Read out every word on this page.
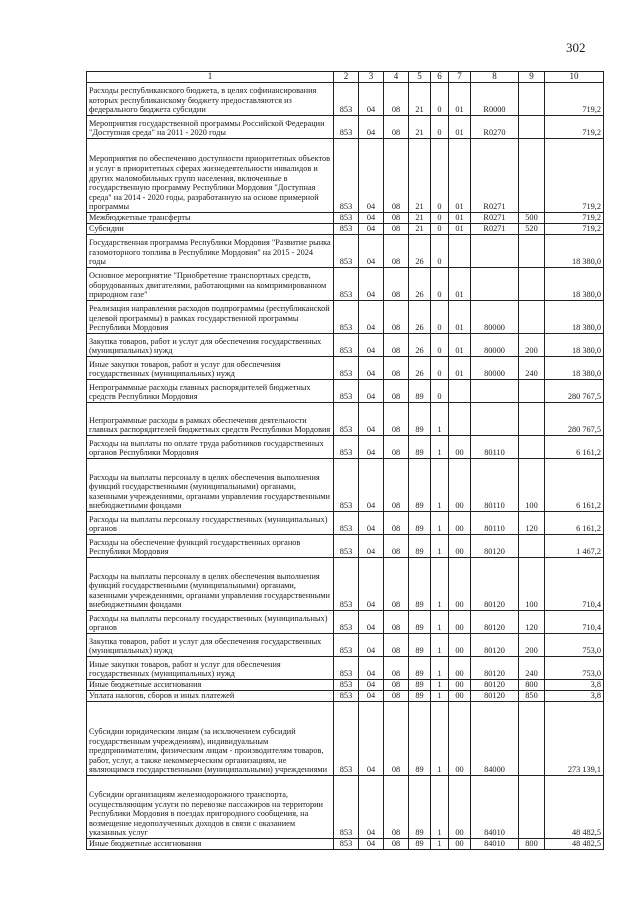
302
1	2	3	4	5	6	7	8	9	10
Расходы республиканского бюджета, в целях софинансирования которых республиканскому бюджету предоставляются из федерального бюджета субсидии	853	04	08	21	0	01	R0000		719,2
Мероприятия государственной программы Российской Федерации "Доступная среда" на 2011 - 2020 годы	853	04	08	21	0	01	R0270		719,2
Мероприятия по обеспечению доступности приоритетных объектов и услуг в приоритетных сферах жизнедеятельности инвалидов и других маломобильных групп населения, включенные в государственную программу Республики Мордовия "Доступная среда" на 2014 - 2020 годы, разработанную на основе примерной программы	853	04	08	21	0	01	R0271		719,2
Межбюджетные трансферты	853	04	08	21	0	01	R0271	500	719,2
Субсидии	853	04	08	21	0	01	R0271	520	719,2
Государственная программа Республики Мордовия "Развитие рынка газомоторного топлива в Республике Мордовия" на 2015 - 2024 годы	853	04	08	26	0				18 380,0
Основное мероприятие "Приобретение транспортных средств, оборудованных двигателями, работающими на компримированном природном газе"	853	04	08	26	0	01			18 380,0
Реализация направления расходов подпрограммы (республиканской целевой программы) в рамках государственной программы Республики Мордовия	853	04	08	26	0	01	80000		18 380,0
Закупка товаров, работ и услуг для обеспечения государственных (муниципальных) нужд	853	04	08	26	0	01	80000	200	18 380,0
Иные закупки товаров, работ и услуг для обеспечения государственных (муниципальных) нужд	853	04	08	26	0	01	80000	240	18 380,0
Непрограммные расходы главных распорядителей бюджетных средств Республики Мордовия	853	04	08	89	0				280 767,5
Непрограммные расходы в рамках обеспечения деятельности главных распорядителей бюджетных средств Республики Мордовия	853	04	08	89	1				280 767,5
Расходы на выплаты по оплате труда работников государственных органов Республики Мордовия	853	04	08	89	1	00	80110		6 161,2
Расходы на выплаты персоналу в целях обеспечения выполнения функций государственными (муниципальными) органами, казенными учреждениями, органами управления государственными внебюджетными фондами	853	04	08	89	1	00	80110	100	6 161,2
Расходы на выплаты персоналу государственных (муниципальных) органов	853	04	08	89	1	00	80110	120	6 161,2
Расходы на обеспечение функций государственных органов Республики Мордовия	853	04	08	89	1	00	80120		1 467,2
Расходы на выплаты персоналу в целях обеспечения выполнения функций государственными (муниципальными) органами, казенными учреждениями, органами управления государственными внебюджетными фондами	853	04	08	89	1	00	80120	100	710,4
Расходы на выплаты персоналу государственных (муниципальных) органов	853	04	08	89	1	00	80120	120	710,4
Закупка товаров, работ и услуг для обеспечения государственных (муниципальных) нужд	853	04	08	89	1	00	80120	200	753,0
Иные закупки товаров, работ и услуг для обеспечения государственных (муниципальных) нужд	853	04	08	89	1	00	80120	240	753,0
Иные бюджетные ассигнования	853	04	08	89	1	00	80120	800	3,8
Уплата налогов, сборов и иных платежей	853	04	08	89	1	00	80120	850	3,8
Субсидии юридическим лицам (за исключением субсидий государственным учреждениям), индивидуальным предпринимателям, физическим лицам - производителям товаров, работ, услуг, а также некоммерческим организациям, не являющимся государственными (муниципальными) учреждениями	853	04	08	89	1	00	84000		273 139,1
Субсидии организациям железнодорожного транспорта, осуществляющим услуги по перевозке пассажиров на территории Республики Мордовия в поездах пригородного сообщения, на возмещение недополученных доходов в связи с оказанием указанных услуг	853	04	08	89	1	00	84010		48 482,5
Иные бюджетные ассигнования	853	04	08	89	1	00	84010	800	48 482,5
